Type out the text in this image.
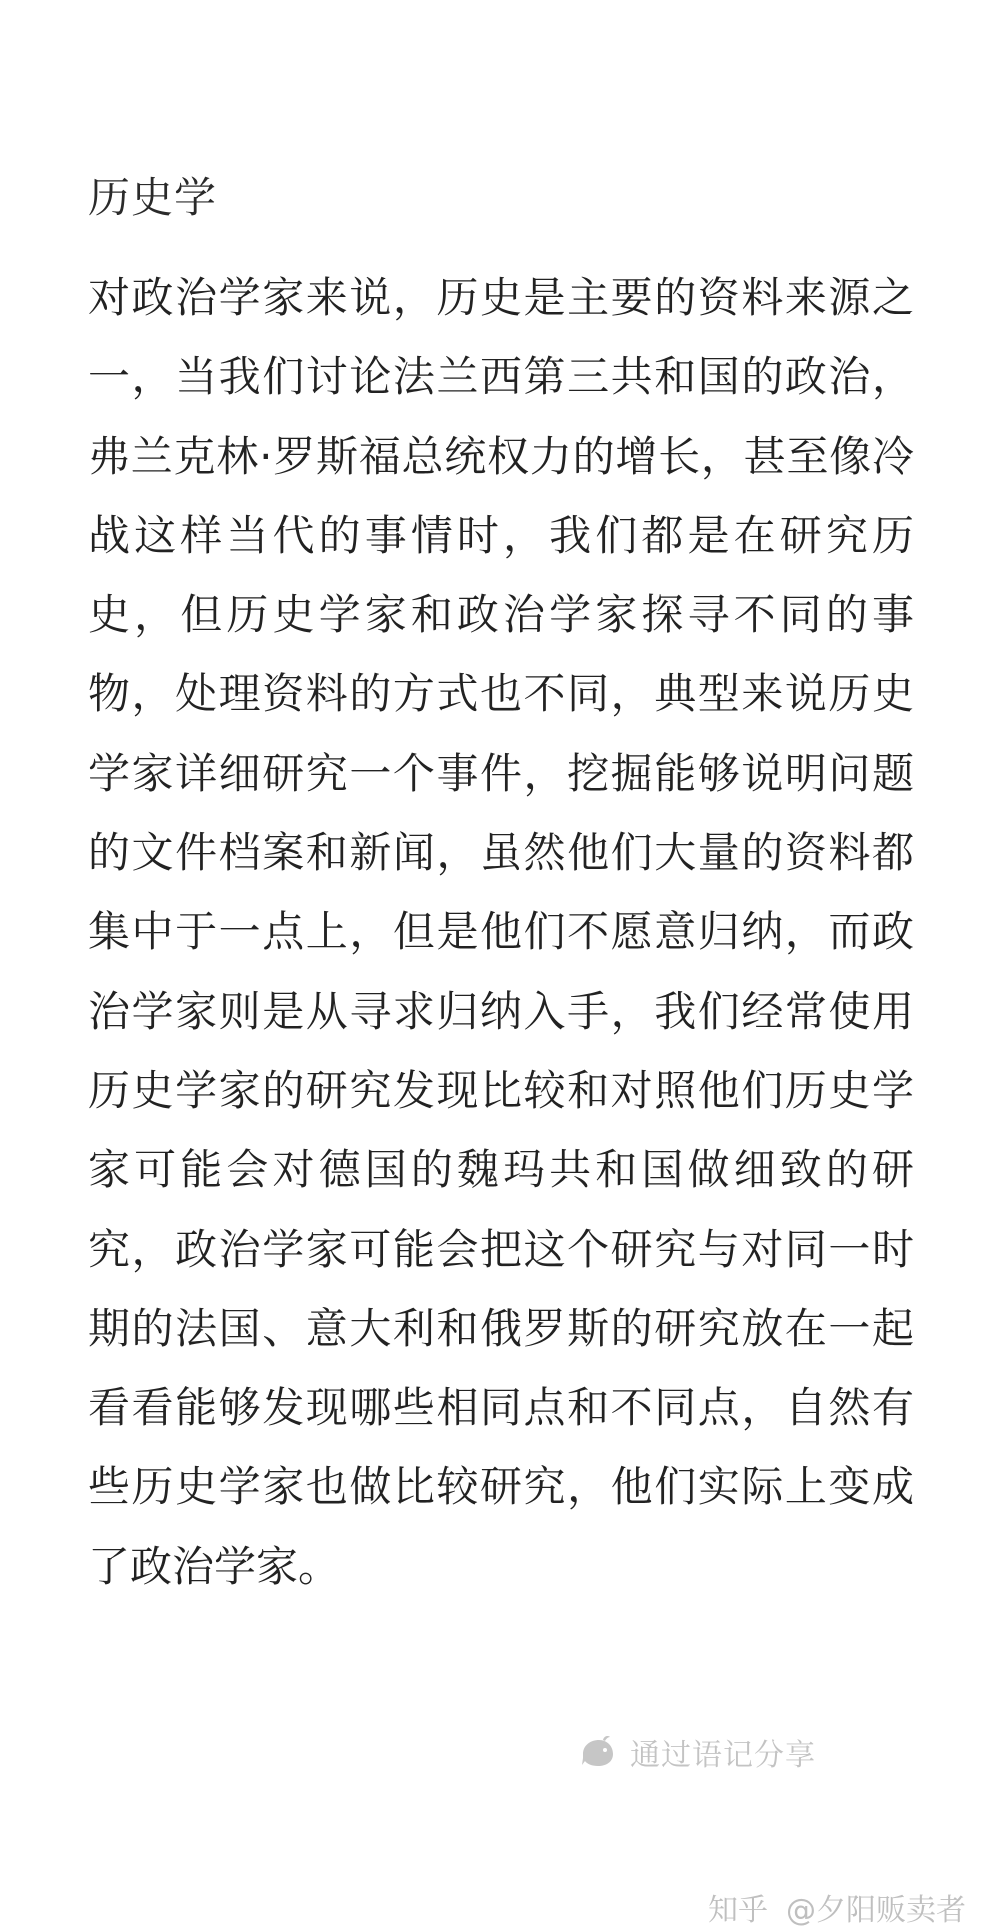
历史学
对政治学家来说，历史是主要的资料来源之
一，当我们讨论法兰西第三共和国的政治，
弗兰克林·罗斯福总统权力的增长，甚至像冷
战这样当代的事情时，我们都是在研究历
史，但历史学家和政治学家探寻不同的事
物，处理资料的方式也不同，典型来说历史
学家详细研究一个事件，挖掘能够说明问题
的文件档案和新闻，虽然他们大量的资料都
集中于一点上，但是他们不愿意归纳，而政
治学家则是从寻求归纳入手，我们经常使用
历史学家的研究发现比较和对照他们历史学
家可能会对德国的魏玛共和国做细致的研
究，政治学家可能会把这个研究与对同一时
期的法国、意大利和俄罗斯的研究放在一起
看看能够发现哪些相同点和不同点，自然有
些历史学家也做比较研究，他们实际上变成
了政治学家。
通过语记分享
知乎 @夕阳贩卖者
